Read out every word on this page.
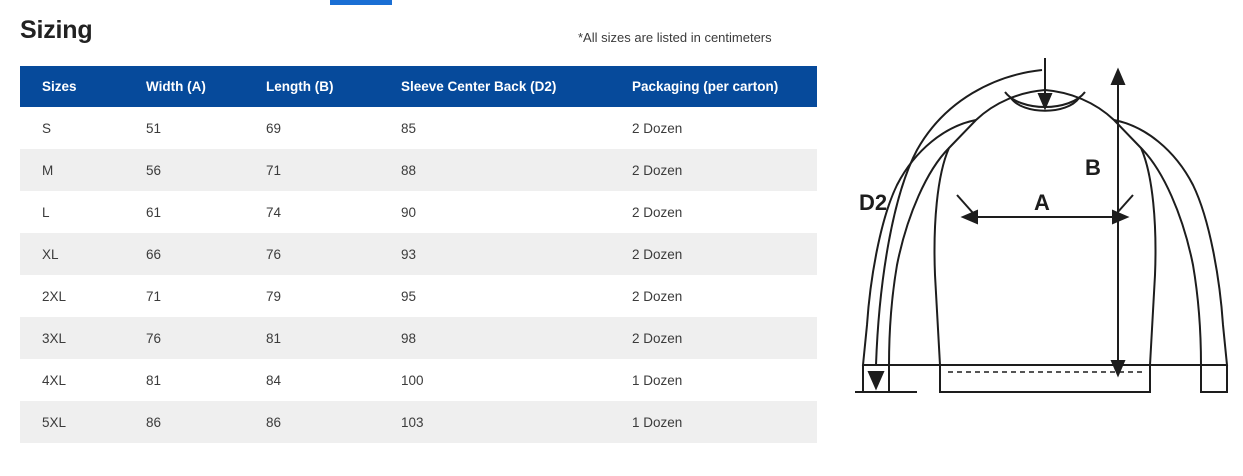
Sizing	*All sizes are listed in centimeters
Sizes	Width (A)	Length (B)	Sleeve Center Back (D2)	Packaging (per carton)
S	51	69	85	2 Dozen
M	56	71	88	2 Dozen
L	61	74	90	2 Dozen
XL	66	76	93	2 Dozen
2XL	71	79	95	2 Dozen
3XL	76	81	98	2 Dozen
4XL	81	84	100	1 Dozen
5XL	86	86	103	1 Dozen
A
B
D2
